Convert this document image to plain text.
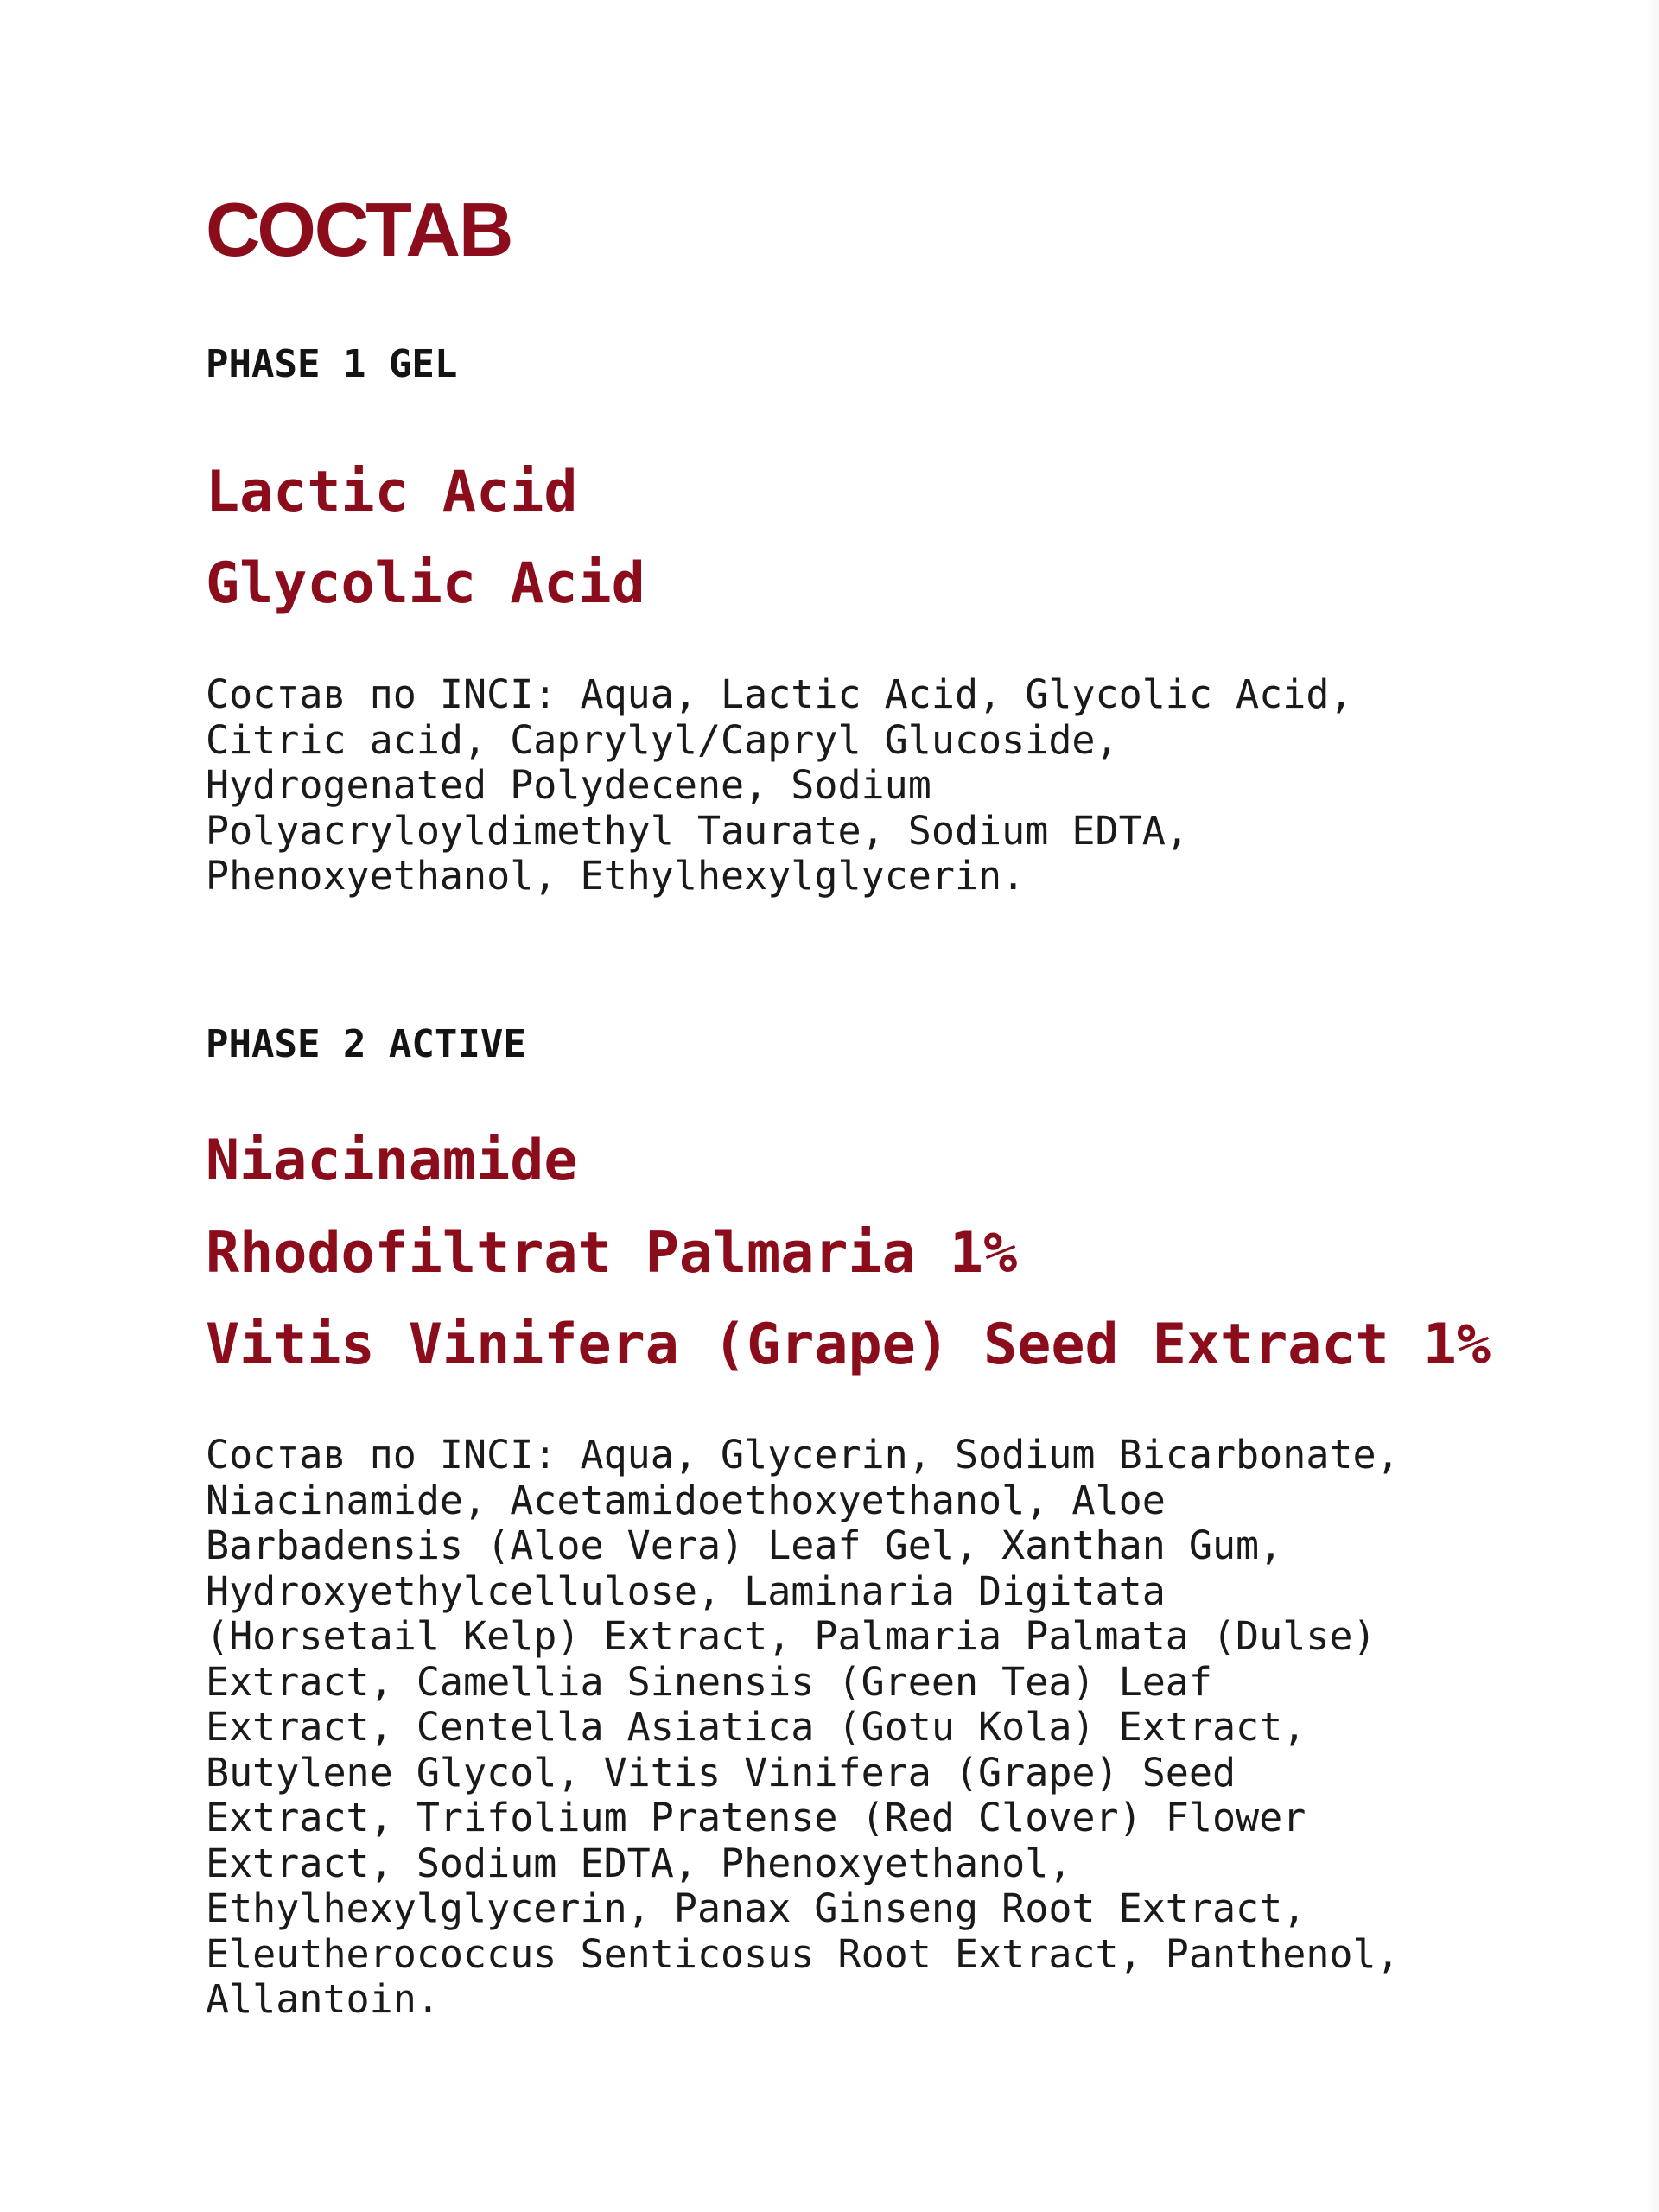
СОСТАВ
PHASE 1 GEL
Lactic Acid
Glycolic Acid

Состав по INCI: Aqua, Lactic Acid, Glycolic Acid,
Citric acid, Caprylyl/Capryl Glucoside,
Hydrogenated Polydecene, Sodium
Polyacryloyldimethyl Taurate, Sodium EDTA,
Phenoxyethanol, Ethylhexylglycerin.

PHASE 2 ACTIVE
Niacinamide
Rhodofiltrat Palmaria 1%
Vitis Vinifera (Grape) Seed Extract 1%

Состав по INCI: Aqua, Glycerin, Sodium Bicarbonate,
Niacinamide, Acetamidoethoxyethanol, Aloe
Barbadensis (Aloe Vera) Leaf Gel, Xanthan Gum,
Hydroxyethylcellulose, Laminaria Digitata
(Horsetail Kelp) Extract, Palmaria Palmata (Dulse)
Extract, Camellia Sinensis (Green Tea) Leaf
Extract, Centella Asiatica (Gotu Kola) Extract,
Butylene Glycol, Vitis Vinifera (Grape) Seed
Extract, Trifolium Pratense (Red Clover) Flower
Extract, Sodium EDTA, Phenoxyethanol,
Ethylhexylglycerin, Panax Ginseng Root Extract,
Eleutherococcus Senticosus Root Extract, Panthenol,
Allantoin.
